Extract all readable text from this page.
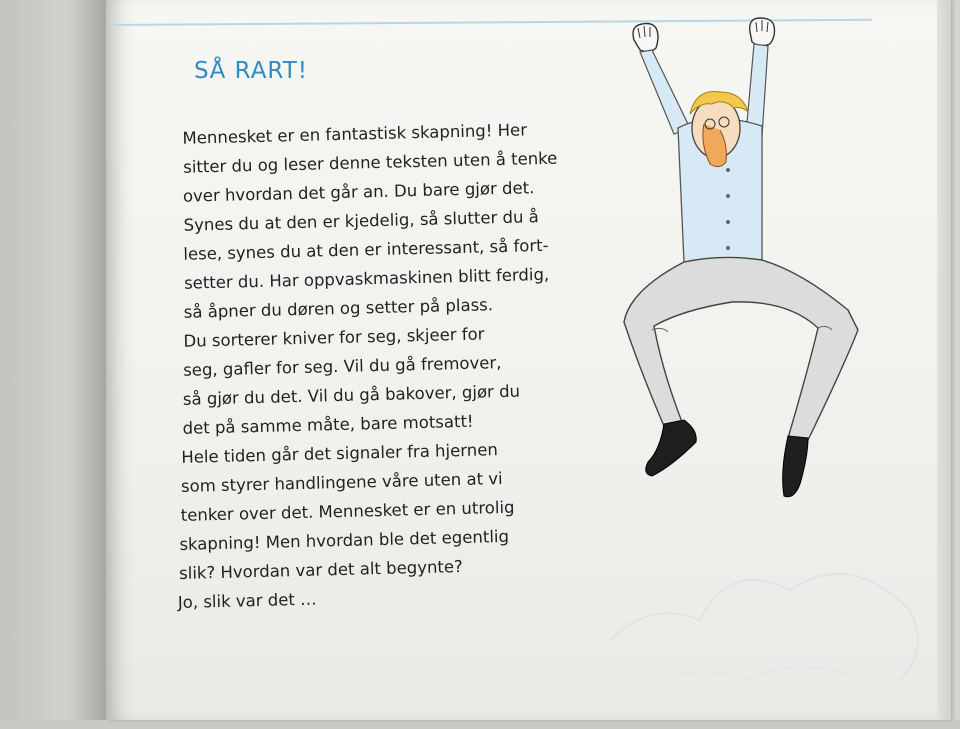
SÅ RART!
Mennesket er en fantastisk skapning! Her
sitter du og leser denne teksten uten å tenke
over hvordan det går an. Du bare gjør det.
Synes du at den er kjedelig, så slutter du å
lese, synes du at den er interessant, så fort-
setter du. Har oppvaskmaskinen blitt ferdig,
så åpner du døren og setter på plass.
Du sorterer kniver for seg, skjeer for
seg, gafler for seg. Vil du gå fremover,
så gjør du det. Vil du gå bakover, gjør du
det på samme måte, bare motsatt!
Hele tiden går det signaler fra hjernen
som styrer handlingene våre uten at vi
tenker over det. Mennesket er en utrolig
skapning! Men hvordan ble det egentlig
slik? Hvordan var det alt begynte?
Jo, slik var det …
